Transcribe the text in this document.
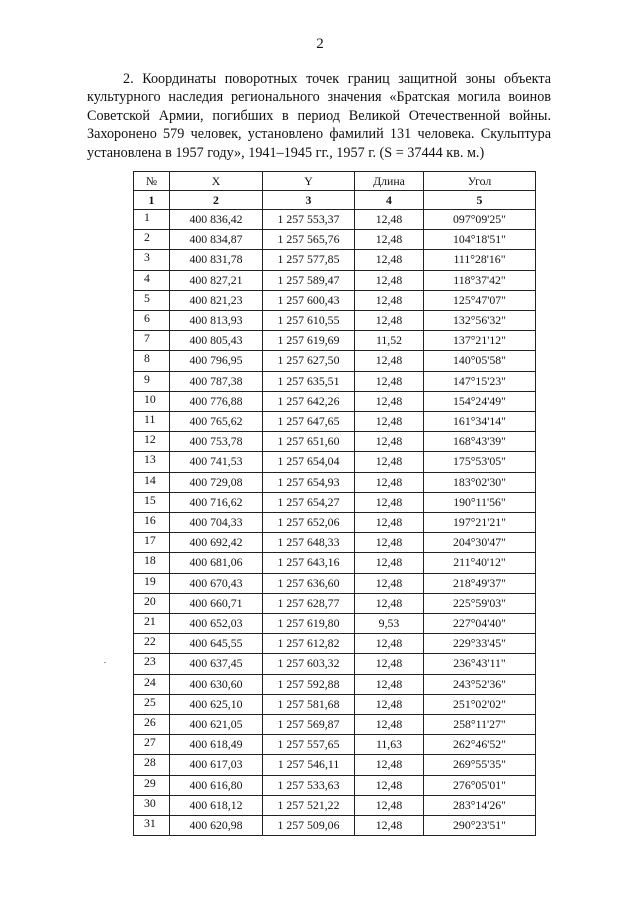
2
2. Координаты поворотных точек границ защитной зоны объекта культурного наследия регионального значения «Братская могила воинов Советской Армии, погибших в период Великой Отечественной войны. Захоронено 579 человек, установлено фамилий 131 человека. Скульптура установлена в 1957 году», 1941–1945 гг., 1957 г. (S = 37444 кв. м.)
№	X	Y	Длина	Угол
1	2	3	4	5
1	400 836,42	1 257 553,37	12,48	097°09'25"
2	400 834,87	1 257 565,76	12,48	104°18'51"
3	400 831,78	1 257 577,85	12,48	111°28'16"
4	400 827,21	1 257 589,47	12,48	118°37'42"
5	400 821,23	1 257 600,43	12,48	125°47'07"
6	400 813,93	1 257 610,55	12,48	132°56'32"
7	400 805,43	1 257 619,69	11,52	137°21'12"
8	400 796,95	1 257 627,50	12,48	140°05'58"
9	400 787,38	1 257 635,51	12,48	147°15'23"
10	400 776,88	1 257 642,26	12,48	154°24'49"
11	400 765,62	1 257 647,65	12,48	161°34'14"
12	400 753,78	1 257 651,60	12,48	168°43'39"
13	400 741,53	1 257 654,04	12,48	175°53'05"
14	400 729,08	1 257 654,93	12,48	183°02'30"
15	400 716,62	1 257 654,27	12,48	190°11'56"
16	400 704,33	1 257 652,06	12,48	197°21'21"
17	400 692,42	1 257 648,33	12,48	204°30'47"
18	400 681,06	1 257 643,16	12,48	211°40'12"
19	400 670,43	1 257 636,60	12,48	218°49'37"
20	400 660,71	1 257 628,77	12,48	225°59'03"
21	400 652,03	1 257 619,80	9,53	227°04'40"
22	400 645,55	1 257 612,82	12,48	229°33'45"
23	400 637,45	1 257 603,32	12,48	236°43'11"
24	400 630,60	1 257 592,88	12,48	243°52'36"
25	400 625,10	1 257 581,68	12,48	251°02'02"
26	400 621,05	1 257 569,87	12,48	258°11'27"
27	400 618,49	1 257 557,65	11,63	262°46'52"
28	400 617,03	1 257 546,11	12,48	269°55'35"
29	400 616,80	1 257 533,63	12,48	276°05'01"
30	400 618,12	1 257 521,22	12,48	283°14'26"
31	400 620,98	1 257 509,06	12,48	290°23'51"
